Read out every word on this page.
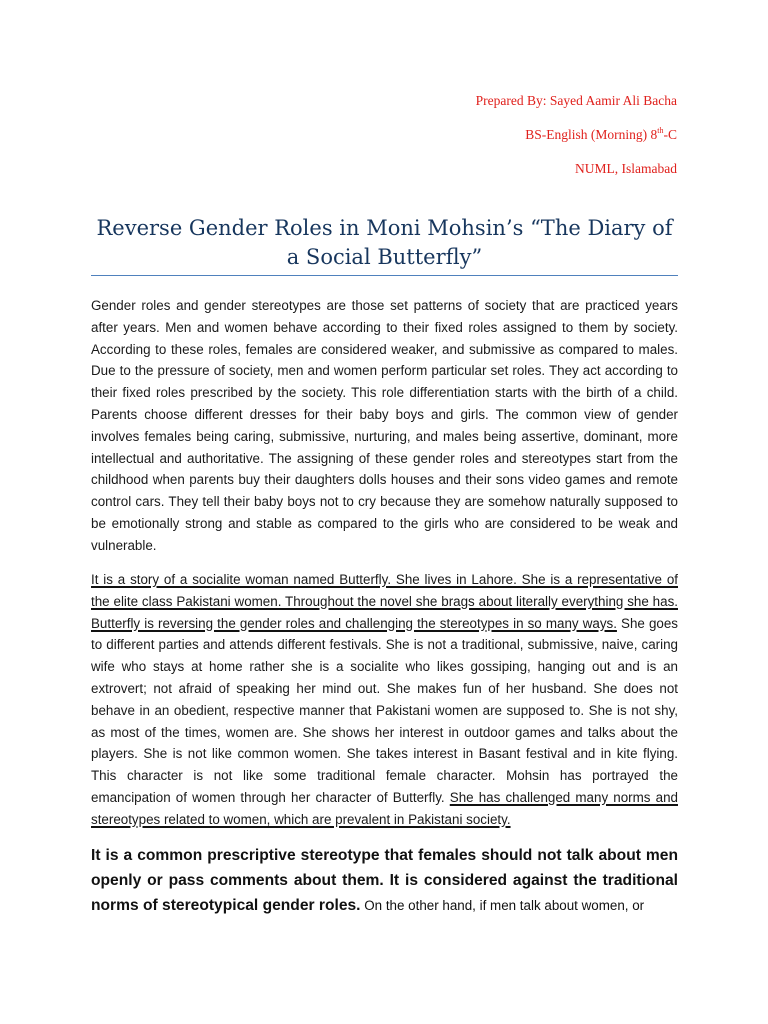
Prepared By: Sayed Aamir Ali Bacha
BS-English (Morning) 8th-C
NUML, Islamabad
Reverse Gender Roles in Moni Mohsin’s “The Diary of a Social Butterfly”

Gender roles and gender stereotypes are those set patterns of society that are practiced years after years. Men and women behave according to their fixed roles assigned to them by society. According to these roles, females are considered weaker, and submissive as compared to males. Due to the pressure of society, men and women perform particular set roles. They act according to their fixed roles prescribed by the society. This role differentiation starts with the birth of a child. Parents choose different dresses for their baby boys and girls. The common view of gender involves females being caring, submissive, nurturing, and males being assertive, dominant, more intellectual and authoritative. The assigning of these gender roles and stereotypes start from the childhood when parents buy their daughters dolls houses and their sons video games and remote control cars. They tell their baby boys not to cry because they are somehow naturally supposed to be emotionally strong and stable as compared to the girls who are considered to be weak and vulnerable.

It is a story of a socialite woman named Butterfly. She lives in Lahore. She is a representative of the elite class Pakistani women. Throughout the novel she brags about literally everything she has. Butterfly is reversing the gender roles and challenging the stereotypes in so many ways. She goes to different parties and attends different festivals. She is not a traditional, submissive, naive, caring wife who stays at home rather she is a socialite who likes gossiping, hanging out and is an extrovert; not afraid of speaking her mind out. She makes fun of her husband. She does not behave in an obedient, respective manner that Pakistani women are supposed to. She is not shy, as most of the times, women are. She shows her interest in outdoor games and talks about the players. She is not like common women. She takes interest in Basant festival and in kite flying. This character is not like some traditional female character. Mohsin has portrayed the emancipation of women through her character of Butterfly. She has challenged many norms and stereotypes related to women, which are prevalent in Pakistani society.

It is a common prescriptive stereotype that females should not talk about men openly or pass comments about them. It is considered against the traditional norms of stereotypical gender roles. On the other hand, if men talk about women, or
